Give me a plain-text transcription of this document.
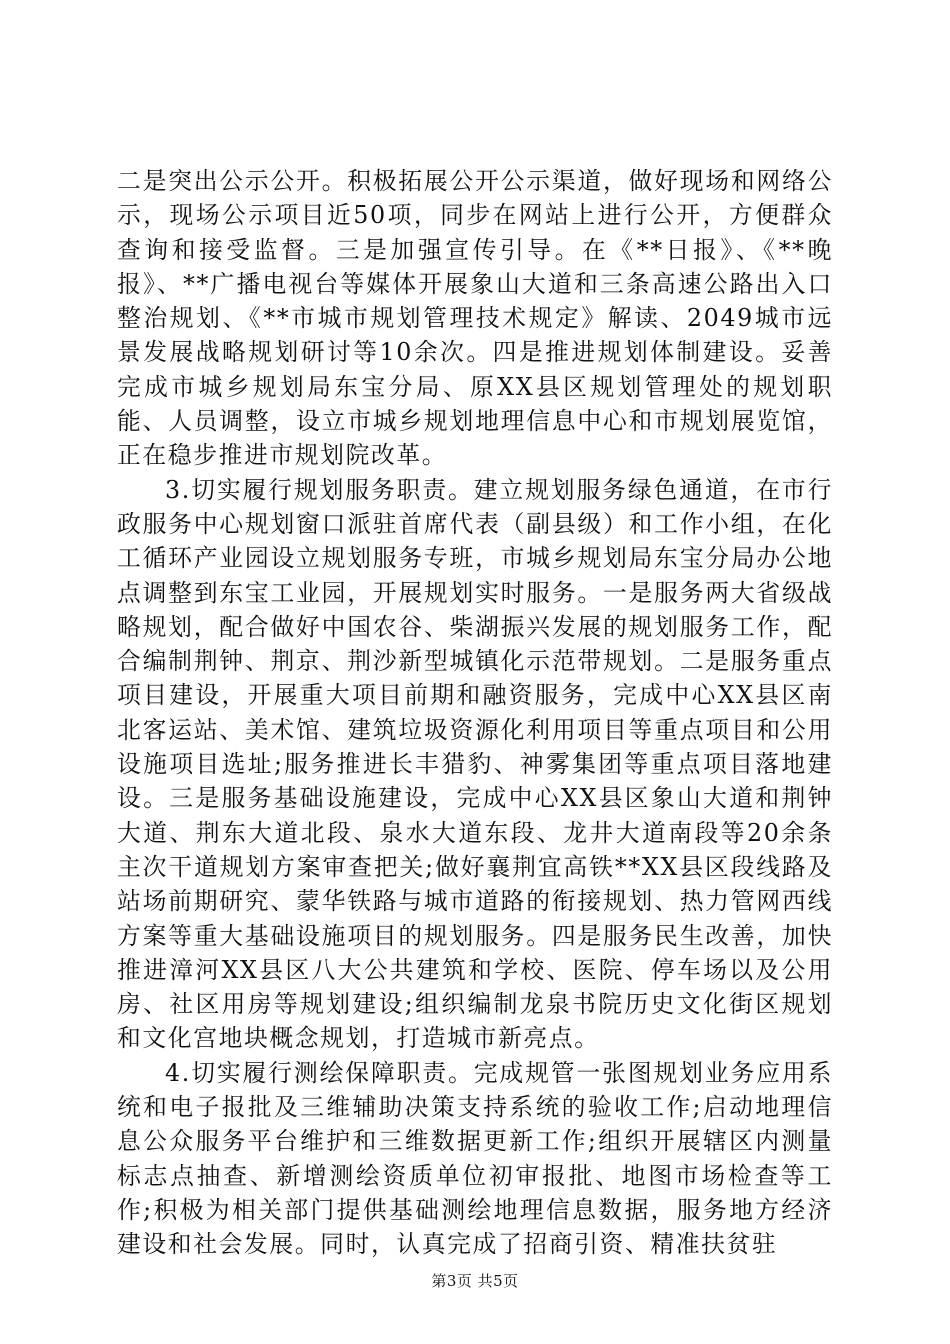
二是突出公示公开。积极拓展公开公示渠道，做好现场和网络公示，现场公示项目近50项，同步在网站上进行公开，方便群众查询和接受监督。三是加强宣传引导。在《**日报》、《**晚报》、**广播电视台等媒体开展象山大道和三条高速公路出入口整治规划、《**市城市规划管理技术规定》解读、2049城市远景发展战略规划研讨等10余次。四是推进规划体制建设。妥善完成市城乡规划局东宝分局、原XX县区规划管理处的规划职能、人员调整，设立市城乡规划地理信息中心和市规划展览馆，正在稳步推进市规划院改革。

3.切实履行规划服务职责。建立规划服务绿色通道，在市行政服务中心规划窗口派驻首席代表（副县级）和工作小组，在化工循环产业园设立规划服务专班，市城乡规划局东宝分局办公地点调整到东宝工业园，开展规划实时服务。一是服务两大省级战略规划，配合做好中国农谷、柴湖振兴发展的规划服务工作，配合编制荆钟、荆京、荆沙新型城镇化示范带规划。二是服务重点项目建设，开展重大项目前期和融资服务，完成中心XX县区南北客运站、美术馆、建筑垃圾资源化利用项目等重点项目和公用设施项目选址;服务推进长丰猎豹、神雾集团等重点项目落地建设。三是服务基础设施建设，完成中心XX县区象山大道和荆钟大道、荆东大道北段、泉水大道东段、龙井大道南段等20余条主次干道规划方案审查把关;做好襄荆宜高铁**XX县区段线路及站场前期研究、蒙华铁路与城市道路的衔接规划、热力管网西线方案等重大基础设施项目的规划服务。四是服务民生改善，加快推进漳河XX县区八大公共建筑和学校、医院、停车场以及公用房、社区用房等规划建设;组织编制龙泉书院历史文化街区规划和文化宫地块概念规划，打造城市新亮点。

4.切实履行测绘保障职责。完成规管一张图规划业务应用系统和电子报批及三维辅助决策支持系统的验收工作;启动地理信息公众服务平台维护和三维数据更新工作;组织开展辖区内测量标志点抽查、新增测绘资质单位初审报批、地图市场检查等工作;积极为相关部门提供基础测绘地理信息数据，服务地方经济建设和社会发展。同时，认真完成了招商引资、精准扶贫驻

第3页 共5页
